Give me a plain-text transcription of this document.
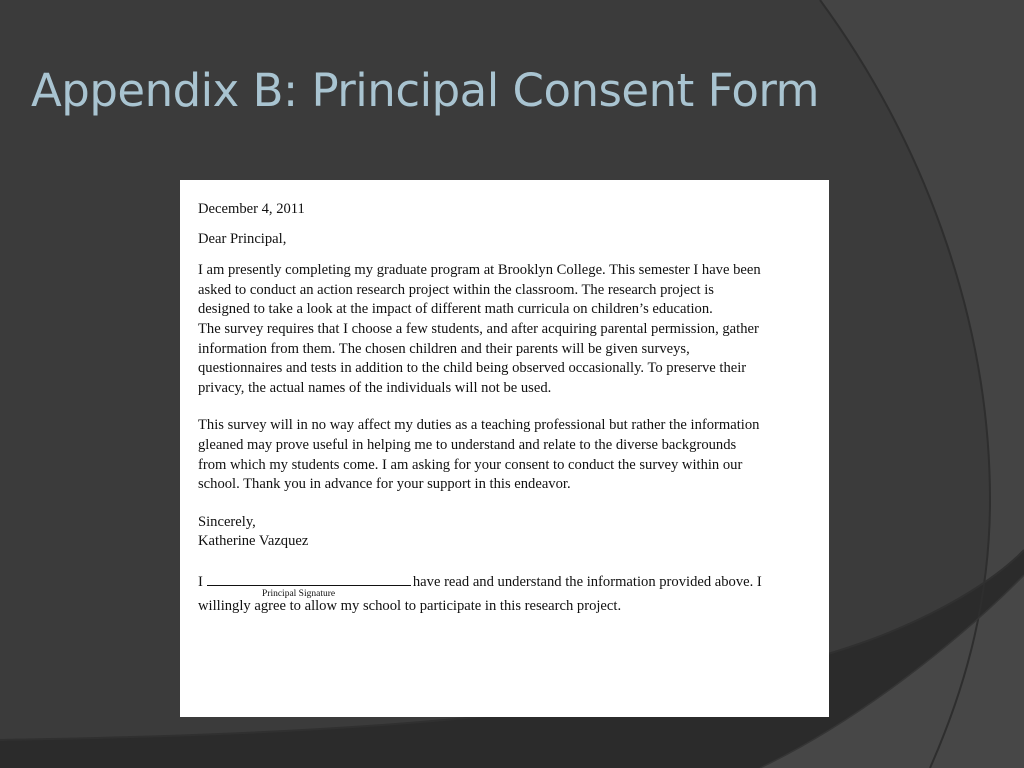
Appendix B: Principal Consent Form

December 4, 2011

Dear Principal,

I am presently completing my graduate program at Brooklyn College. This semester I have been

asked to conduct an action research project within the classroom. The research project is

designed to take a look at the impact of different math curricula on children’s education.

The survey requires that I choose a few students, and after acquiring parental permission, gather

information from them. The chosen children and their parents will be given surveys,

questionnaires and tests in addition to the child being observed occasionally. To preserve their

privacy, the actual names of the individuals will not be used.

This survey will in no way affect my duties as a teaching professional but rather the information

gleaned may prove useful in helping me to understand and relate to the diverse backgrounds

from which my students come. I am asking for your consent to conduct the survey within our

school. Thank you in advance for your support in this endeavor.

Sincerely,

Katherine Vazquez

I	have read and understand the information provided above. I
Principal Signature

willingly agree to allow my school to participate in this research project.
